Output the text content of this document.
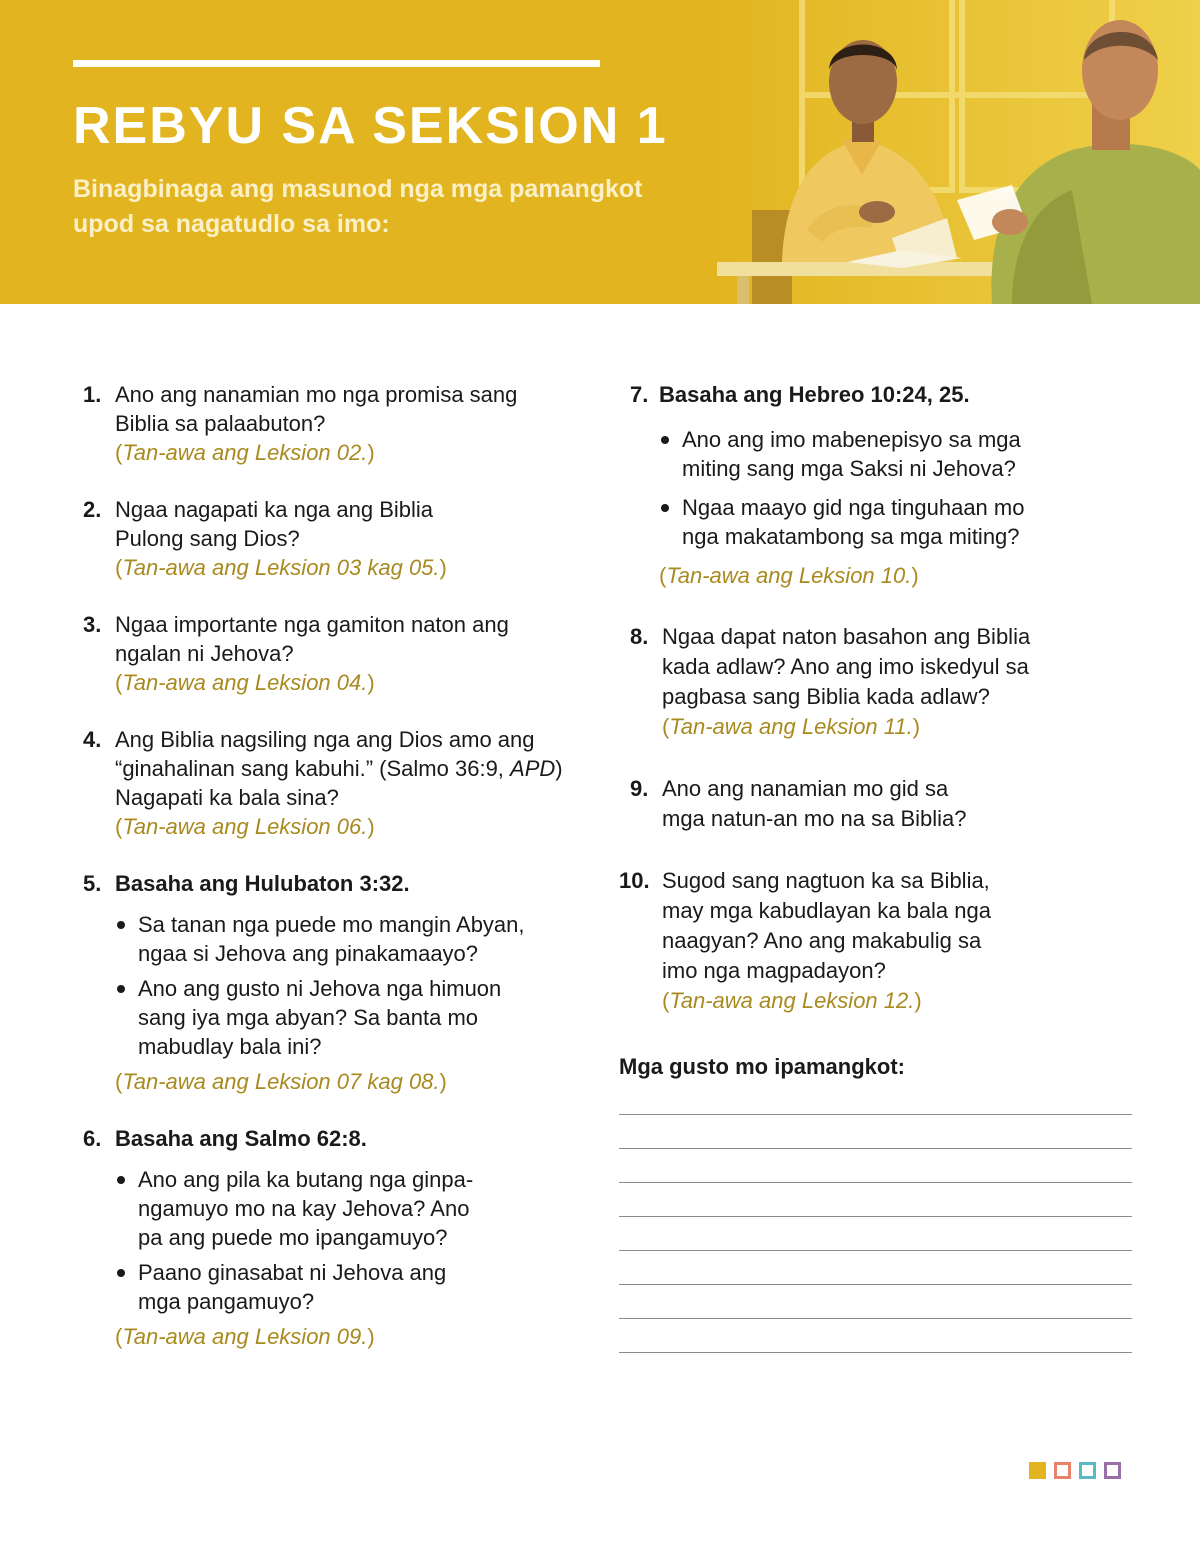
REBYU SA SEKSION 1
Binagbinaga ang masunod nga mga pamangkot
upod sa nagatudlo sa imo:
1. Ano ang nanamian mo nga promisa sang Biblia sa palaabuton?
(Tan-awa ang Leksion 02.)
2. Ngaa nagapati ka nga ang Biblia Pulong sang Dios?
(Tan-awa ang Leksion 03 kag 05.)
3. Ngaa importante nga gamiton naton ang ngalan ni Jehova?
(Tan-awa ang Leksion 04.)
4. Ang Biblia nagsiling nga ang Dios amo ang “ginahalinan sang kabuhi.” (Salmo 36:9, APD) Nagapati ka bala sina?
(Tan-awa ang Leksion 06.)
5. Basaha ang Hulubaton 3:32.
Sa tanan nga puede mo mangin Abyan, ngaa si Jehova ang pinakamaayo?
Ano ang gusto ni Jehova nga himuon sang iya mga abyan? Sa banta mo mabudlay bala ini?
(Tan-awa ang Leksion 07 kag 08.)
6. Basaha ang Salmo 62:8.
Ano ang pila ka butang nga ginpa-ngamuyo mo na kay Jehova? Ano pa ang puede mo ipangamuyo?
Paano ginasabat ni Jehova ang mga pangamuyo?
(Tan-awa ang Leksion 09.)
7. Basaha ang Hebreo 10:24, 25.
Ano ang imo mabenepisyo sa mga miting sang mga Saksi ni Jehova?
Ngaa maayo gid nga tinguhaan mo nga makatambong sa mga miting?
(Tan-awa ang Leksion 10.)
8. Ngaa dapat naton basahon ang Biblia kada adlaw? Ano ang imo iskedyul sa pagbasa sang Biblia kada adlaw?
(Tan-awa ang Leksion 11.)
9. Ano ang nanamian mo gid sa mga natun-an mo na sa Biblia?
10. Sugod sang nagtuon ka sa Biblia, may mga kabudlayan ka bala nga naagyan? Ano ang makabulig sa imo nga magpadayon?
(Tan-awa ang Leksion 12.)
Mga gusto mo ipamangkot:
